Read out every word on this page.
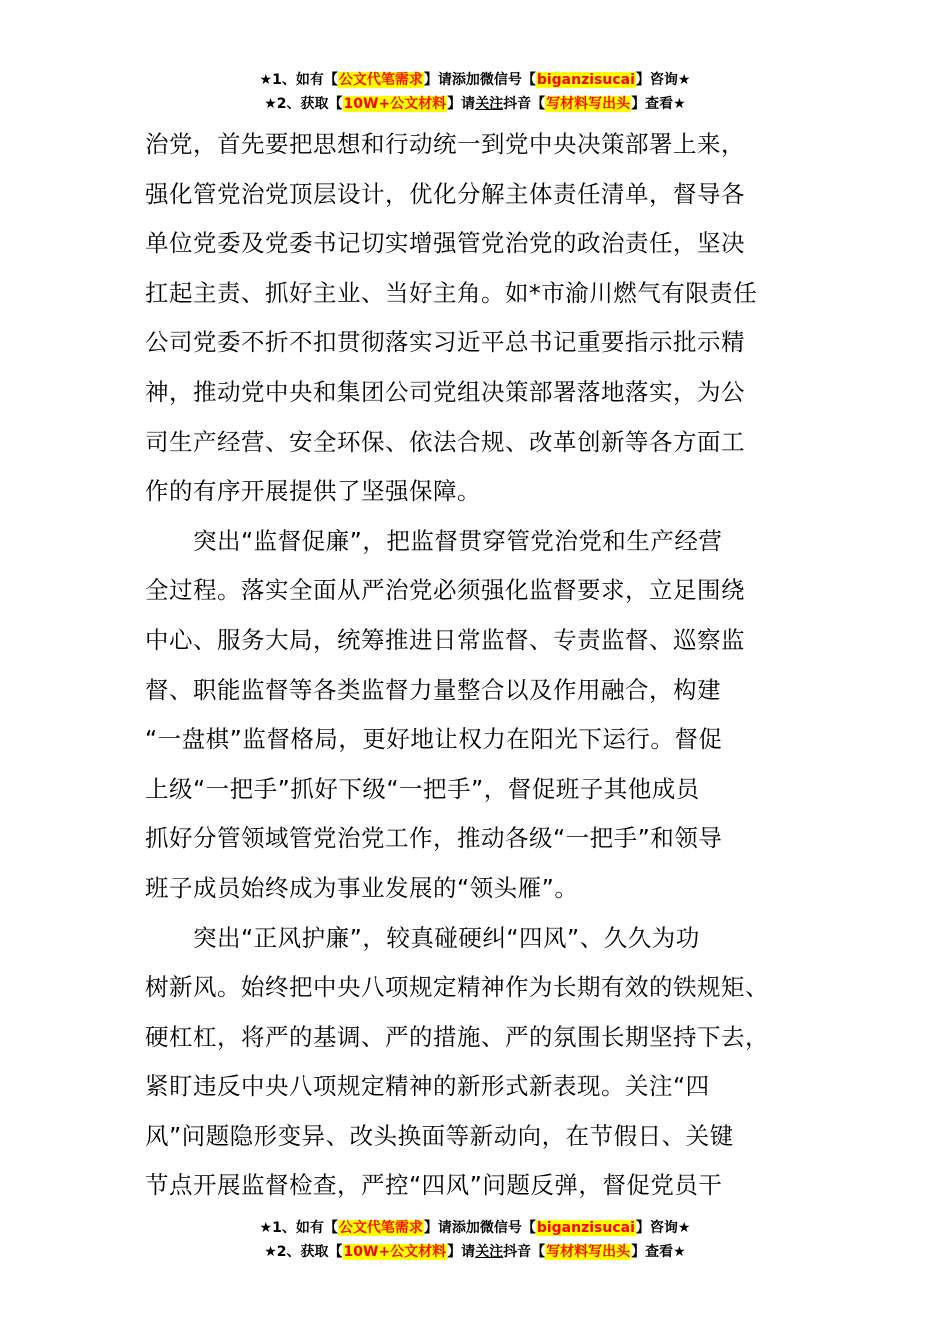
★1、如有【公文代笔需求】请添加微信号【biganzisucai】咨询★
★2、获取【10W+公文材料】请关注抖音【写材料写出头】查看★
治党，首先要把思想和行动统一到党中央决策部署上来，
强化管党治党顶层设计，优化分解主体责任清单，督导各
单位党委及党委书记切实增强管党治党的政治责任，坚决
扛起主责、抓好主业、当好主角。如*市渝川燃气有限责任
公司党委不折不扣贯彻落实习近平总书记重要指示批示精
神，推动党中央和集团公司党组决策部署落地落实，为公
司生产经营、安全环保、依法合规、改革创新等各方面工
作的有序开展提供了坚强保障。
突出“监督促廉”，把监督贯穿管党治党和生产经营
全过程。落实全面从严治党必须强化监督要求，立足围绕
中心、服务大局，统筹推进日常监督、专责监督、巡察监
督、职能监督等各类监督力量整合以及作用融合，构建
“一盘棋”监督格局，更好地让权力在阳光下运行。督促
上级“一把手”抓好下级“一把手”，督促班子其他成员
抓好分管领域管党治党工作，推动各级“一把手”和领导
班子成员始终成为事业发展的“领头雁”。
突出“正风护廉”，较真碰硬纠“四风”、久久为功
树新风。始终把中央八项规定精神作为长期有效的铁规矩、
硬杠杠，将严的基调、严的措施、严的氛围长期坚持下去，
紧盯违反中央八项规定精神的新形式新表现。关注“四
风”问题隐形变异、改头换面等新动向，在节假日、关键
节点开展监督检查，严控“四风”问题反弹，督促党员干
★1、如有【公文代笔需求】请添加微信号【biganzisucai】咨询★
★2、获取【10W+公文材料】请关注抖音【写材料写出头】查看★
